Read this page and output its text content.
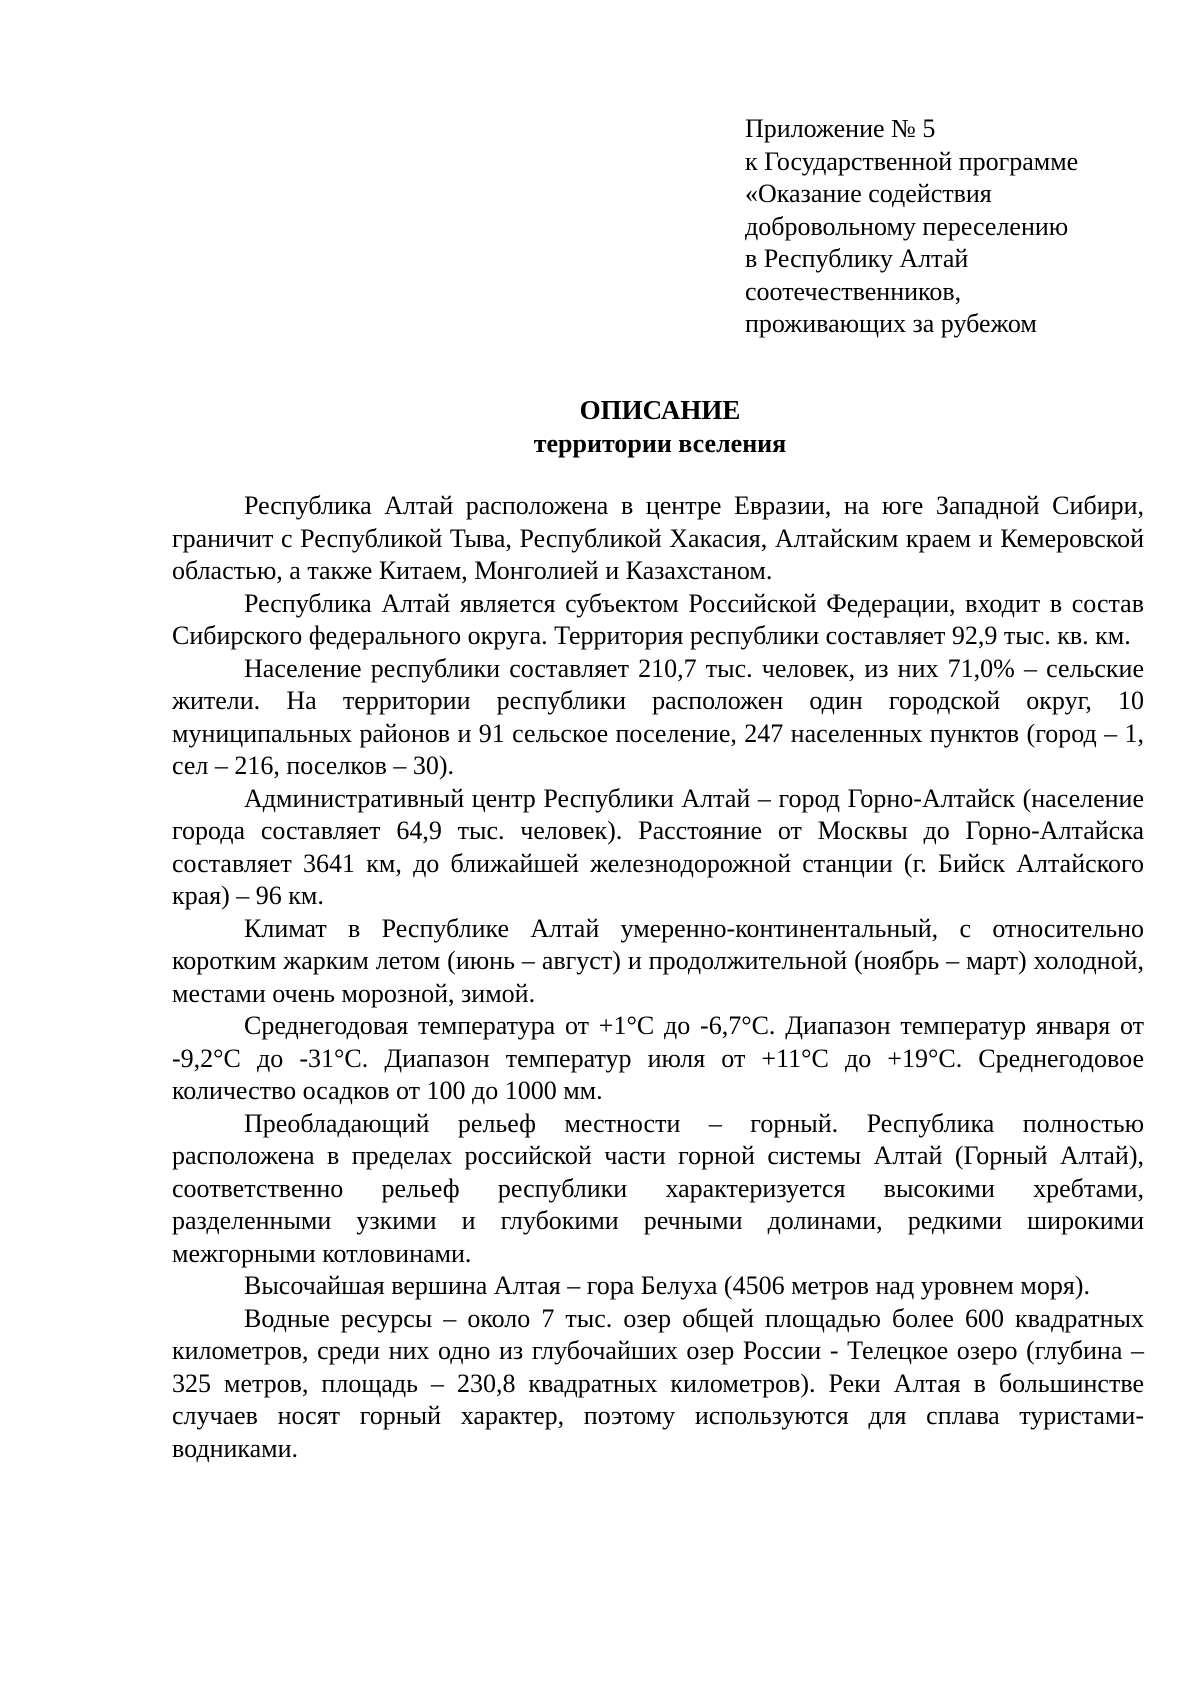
Приложение № 5
к Государственной программе
«Оказание содействия
добровольному переселению
в Республику Алтай
соотечественников,
проживающих за рубежом
ОПИСАНИЕ
территории вселения

Республика Алтай расположена в центре Евразии, на юге Западной Сибири, граничит с Республикой Тыва, Республикой Хакасия, Алтайским краем и Кемеровской областью, а также Китаем, Монголией и Казахстаном.

Республика Алтай является субъектом Российской Федерации, входит в состав Сибирского федерального округа. Территория республики составляет 92,9 тыс. кв. км.

Население республики составляет 210,7 тыс. человек, из них 71,0% – сельские жители. На территории республики расположен один городской округ, 10 муниципальных районов и 91 сельское поселение, 247 населенных пунктов (город – 1, сел – 216, поселков – 30).

Административный центр Республики Алтай – город Горно-Алтайск (население города составляет 64,9 тыс. человек). Расстояние от Москвы до Горно-Алтайска составляет 3641 км, до ближайшей железнодорожной станции (г. Бийск Алтайского края) – 96 км.

Климат в Республике Алтай умеренно-континентальный, с относительно коротким жарким летом (июнь – август) и продолжительной (ноябрь – март) холодной, местами очень морозной, зимой.

Среднегодовая температура от +1°С до -6,7°С. Диапазон температур января от -9,2°С до -31°С. Диапазон температур июля от +11°С до +19°С. Среднегодовое количество осадков от 100 до 1000 мм.

Преобладающий рельеф местности – горный. Республика полностью расположена в пределах российской части горной системы Алтай (Горный Алтай), соответственно рельеф республики характеризуется высокими хребтами, разделенными узкими и глубокими речными долинами, редкими широкими межгорными котловинами.

Высочайшая вершина Алтая – гора Белуха (4506 метров над уровнем моря).

Водные ресурсы – около 7 тыс. озер общей площадью более 600 квадратных километров, среди них одно из глубочайших озер России - Телецкое озеро (глубина – 325 метров, площадь – 230,8 квадратных километров). Реки Алтая в большинстве случаев носят горный характер, поэтому используются для сплава туристами-водниками.
